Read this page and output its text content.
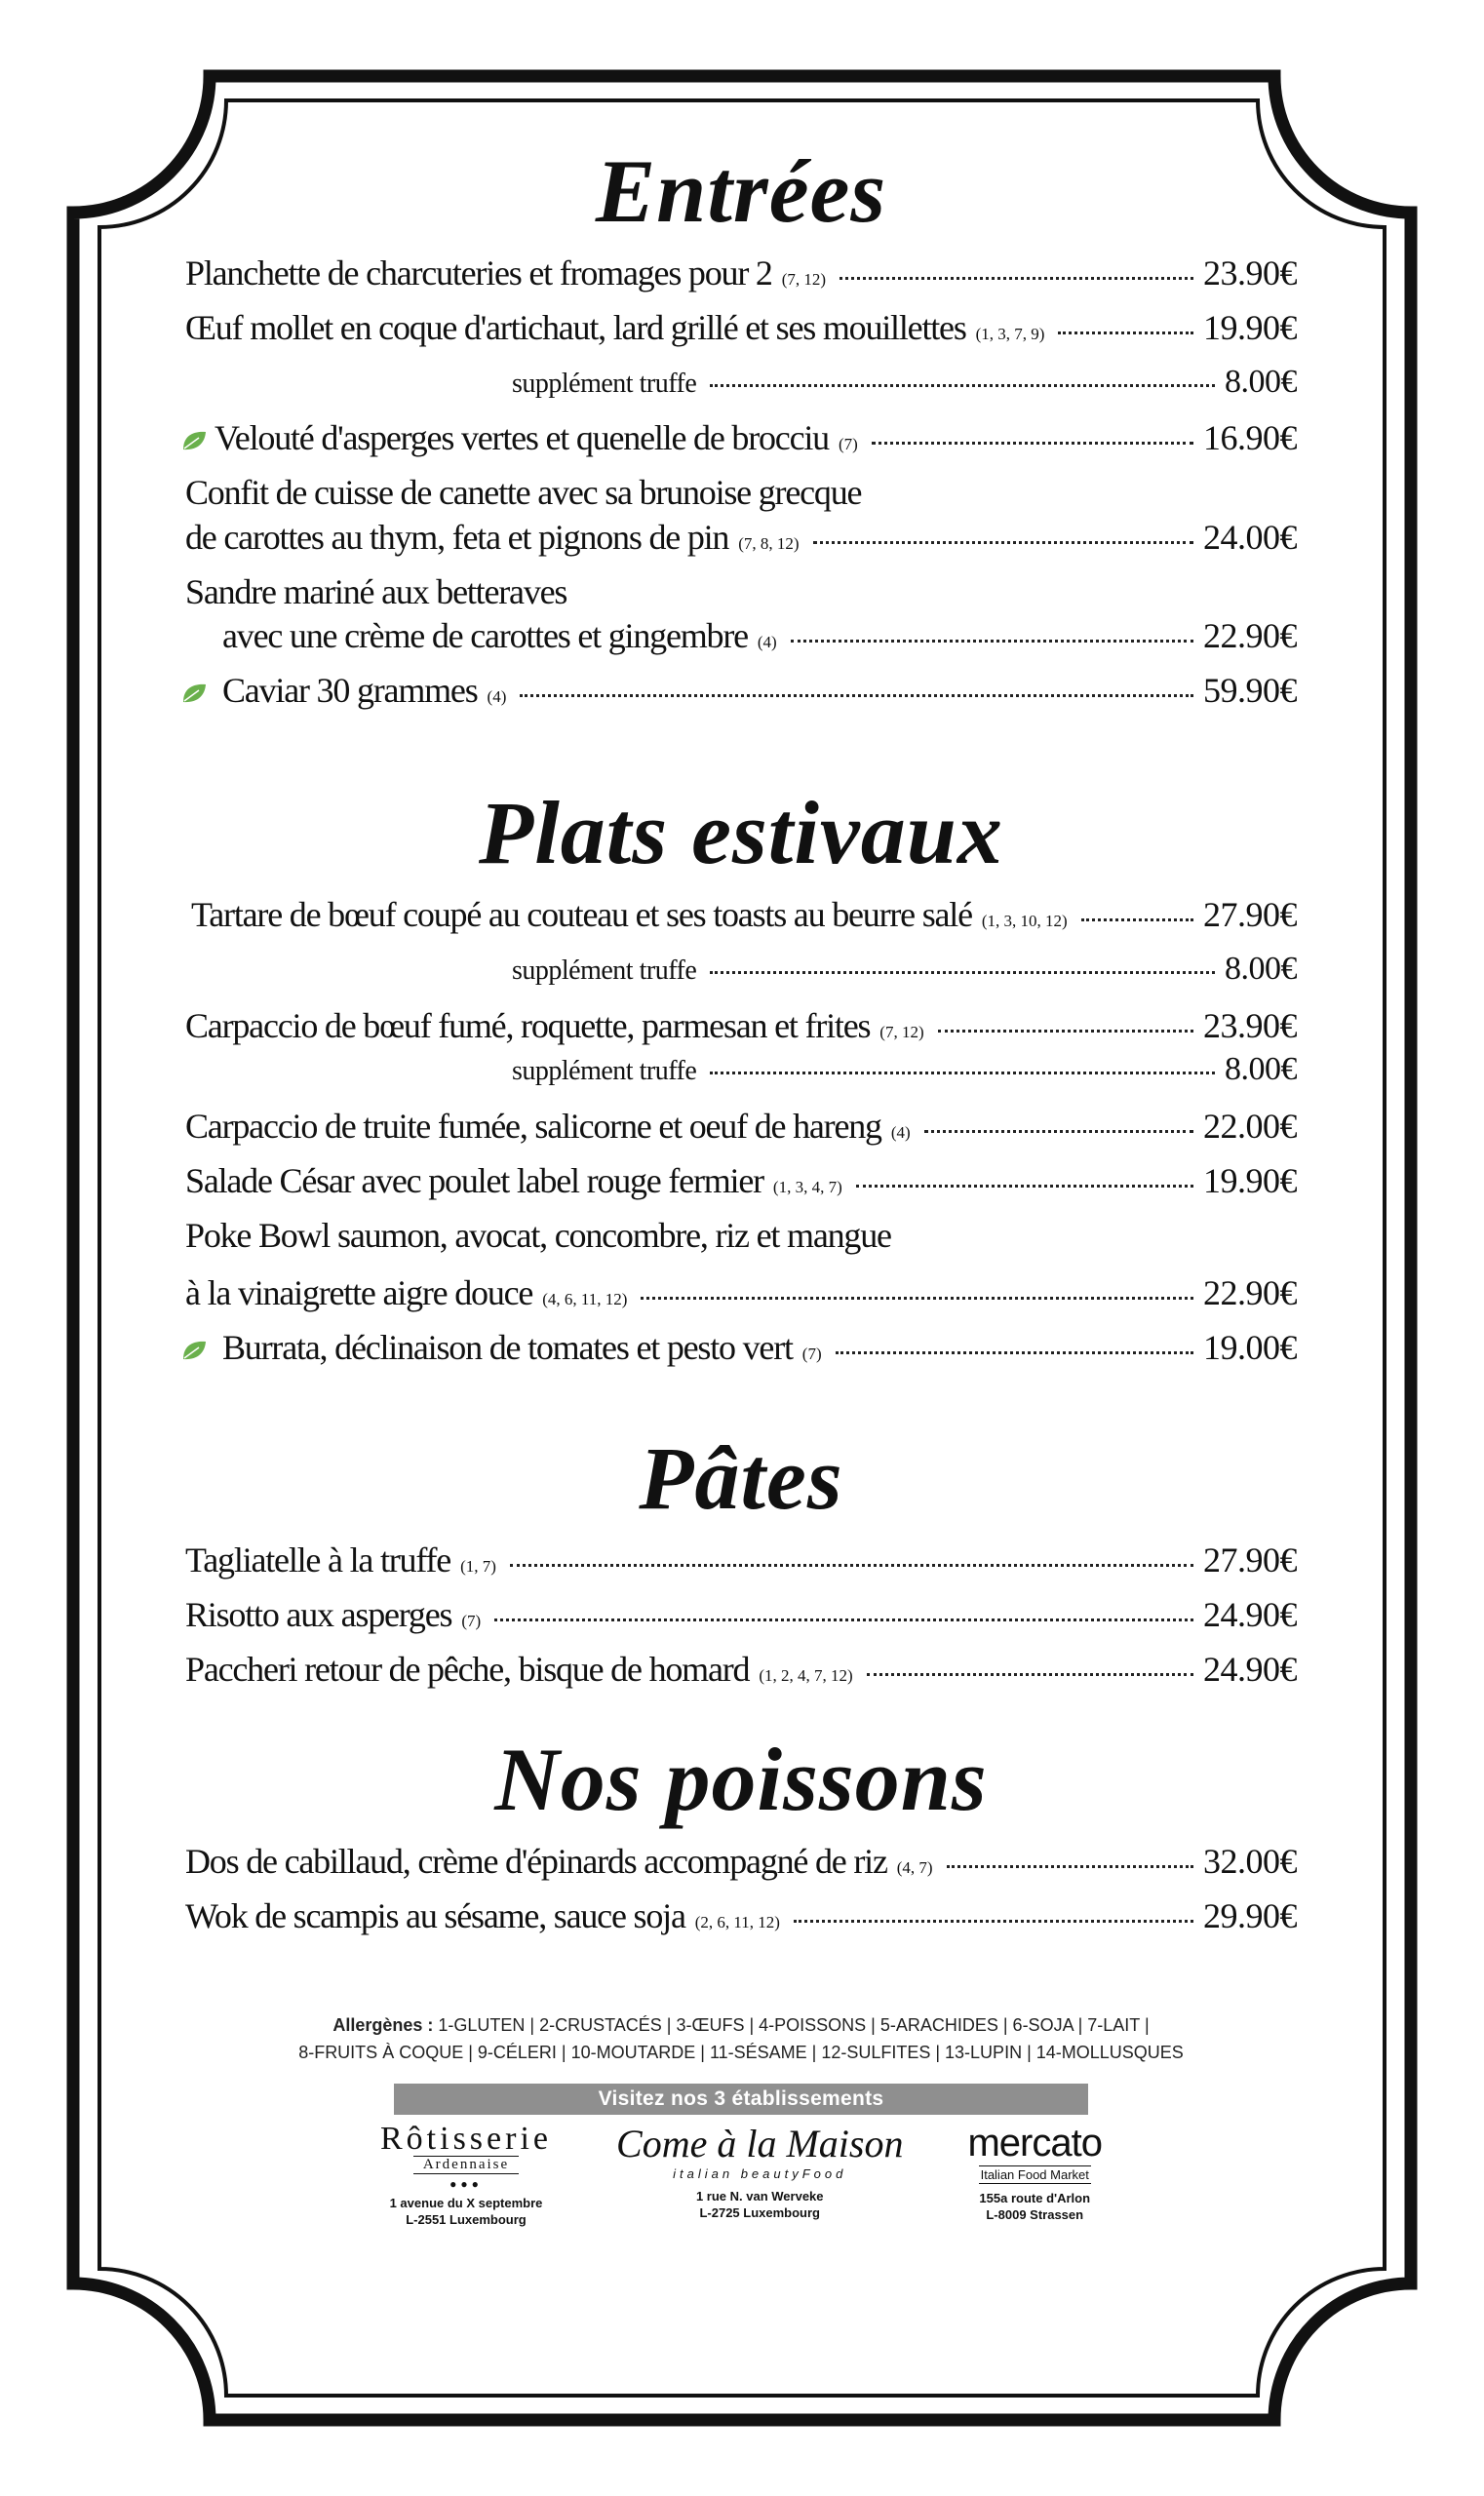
Entrées
Planchette de charcuteries et fromages pour 2 (7, 12)	23.90€
Œuf mollet en coque d'artichaut, lard grillé et ses mouillettes (1, 3, 7, 9)	19.90€
supplément truffe	8.00€
Velouté d'asperges vertes et quenelle de brocciu (7)	16.90€
Confit de cuisse de canette avec sa brunoise grecque
de carottes au thym, feta et pignons de pin (7, 8, 12)	24.00€
Sandre mariné aux betteraves
avec une crème de carottes et gingembre (4)	22.90€
Caviar 30 grammes (4)	59.90€
Plats estivaux
Tartare de bœuf coupé au couteau et ses toasts au beurre salé (1, 3, 10, 12)	27.90€
supplément truffe	8.00€
Carpaccio de bœuf fumé, roquette, parmesan et frites (7, 12)	23.90€
supplément truffe	8.00€
Carpaccio de truite fumée, salicorne et oeuf de hareng (4)	22.00€
Salade César avec poulet label rouge fermier (1, 3, 4, 7)	19.90€
Poke Bowl saumon, avocat, concombre, riz et mangue
à la vinaigrette aigre douce (4, 6, 11, 12)	22.90€
Burrata, déclinaison de tomates et pesto vert (7)	19.00€
Pâtes
Tagliatelle à la truffe (1, 7)	27.90€
Risotto aux asperges (7)	24.90€
Paccheri retour de pêche, bisque de homard (1, 2, 4, 7, 12)	24.90€
Nos poissons
Dos de cabillaud, crème d'épinards accompagné de riz (4, 7)	32.00€
Wok de scampis au sésame, sauce soja (2, 6, 11, 12)	29.90€
Allergènes : 1-GLUTEN | 2-CRUSTACÉS | 3-ŒUFS | 4-POISSONS | 5-ARACHIDES | 6-SOJA | 7-LAIT |
8-FRUITS À COQUE | 9-CÉLERI | 10-MOUTARDE | 11-SÉSAME | 12-SULFITES | 13-LUPIN | 14-MOLLUSQUES
Visitez nos 3 établissements
Rôtisserie
Ardennaise
●●●
1 avenue du X septembre
L-2551 Luxembourg
Come à la Maison
italian beautyFood
1 rue N. van Werveke
L-2725 Luxembourg
mercato
Italian Food Market
155a route d'Arlon
L-8009 Strassen
